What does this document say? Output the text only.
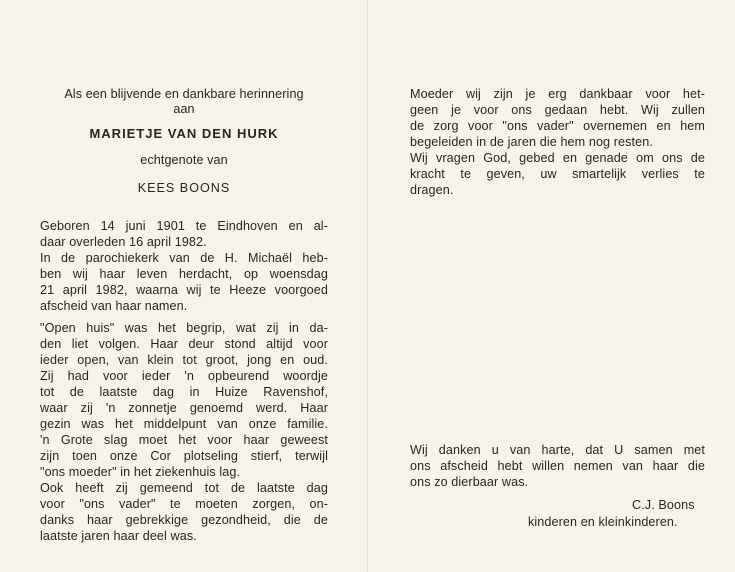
Als een blijvende en dankbare herinnering
aan
MARIETJE VAN DEN HURK
echtgenote van
KEES BOONS
Geboren 14 juni 1901 te Eindhoven en al-
daar overleden 16 april 1982.
In de parochiekerk van de H. Michaël heb-
ben wij haar leven herdacht, op woensdag
21 april 1982, waarna wij te Heeze voorgoed
afscheid van haar namen.
"Open huis" was het begrip, wat zij in da-
den liet volgen. Haar deur stond altijd voor
ieder open, van klein tot groot, jong en oud.
Zij had voor ieder 'n opbeurend woordje
tot de laatste dag in Huize Ravenshof,
waar zij 'n zonnetje genoemd werd. Haar
gezin was het middelpunt van onze familie.
'n Grote slag moet het voor haar geweest
zijn toen onze Cor plotseling stierf, terwijl
"ons moeder" in het ziekenhuis lag.
Ook heeft zij gemeend tot de laatste dag
voor "ons vader" te moeten zorgen, on-
danks haar gebrekkige gezondheid, die de
laatste jaren haar deel was.
Moeder wij zijn je erg dankbaar voor het-
geen je voor ons gedaan hebt. Wij zullen
de zorg voor "ons vader" overnemen en hem
begeleiden in de jaren die hem nog resten.
Wij vragen God, gebed en genade om ons de
kracht te geven, uw smartelijk verlies te
dragen.
Wij danken u van harte, dat U samen met
ons afscheid hebt willen nemen van haar die
ons zo dierbaar was.
C.J. Boons
kinderen en kleinkinderen.
